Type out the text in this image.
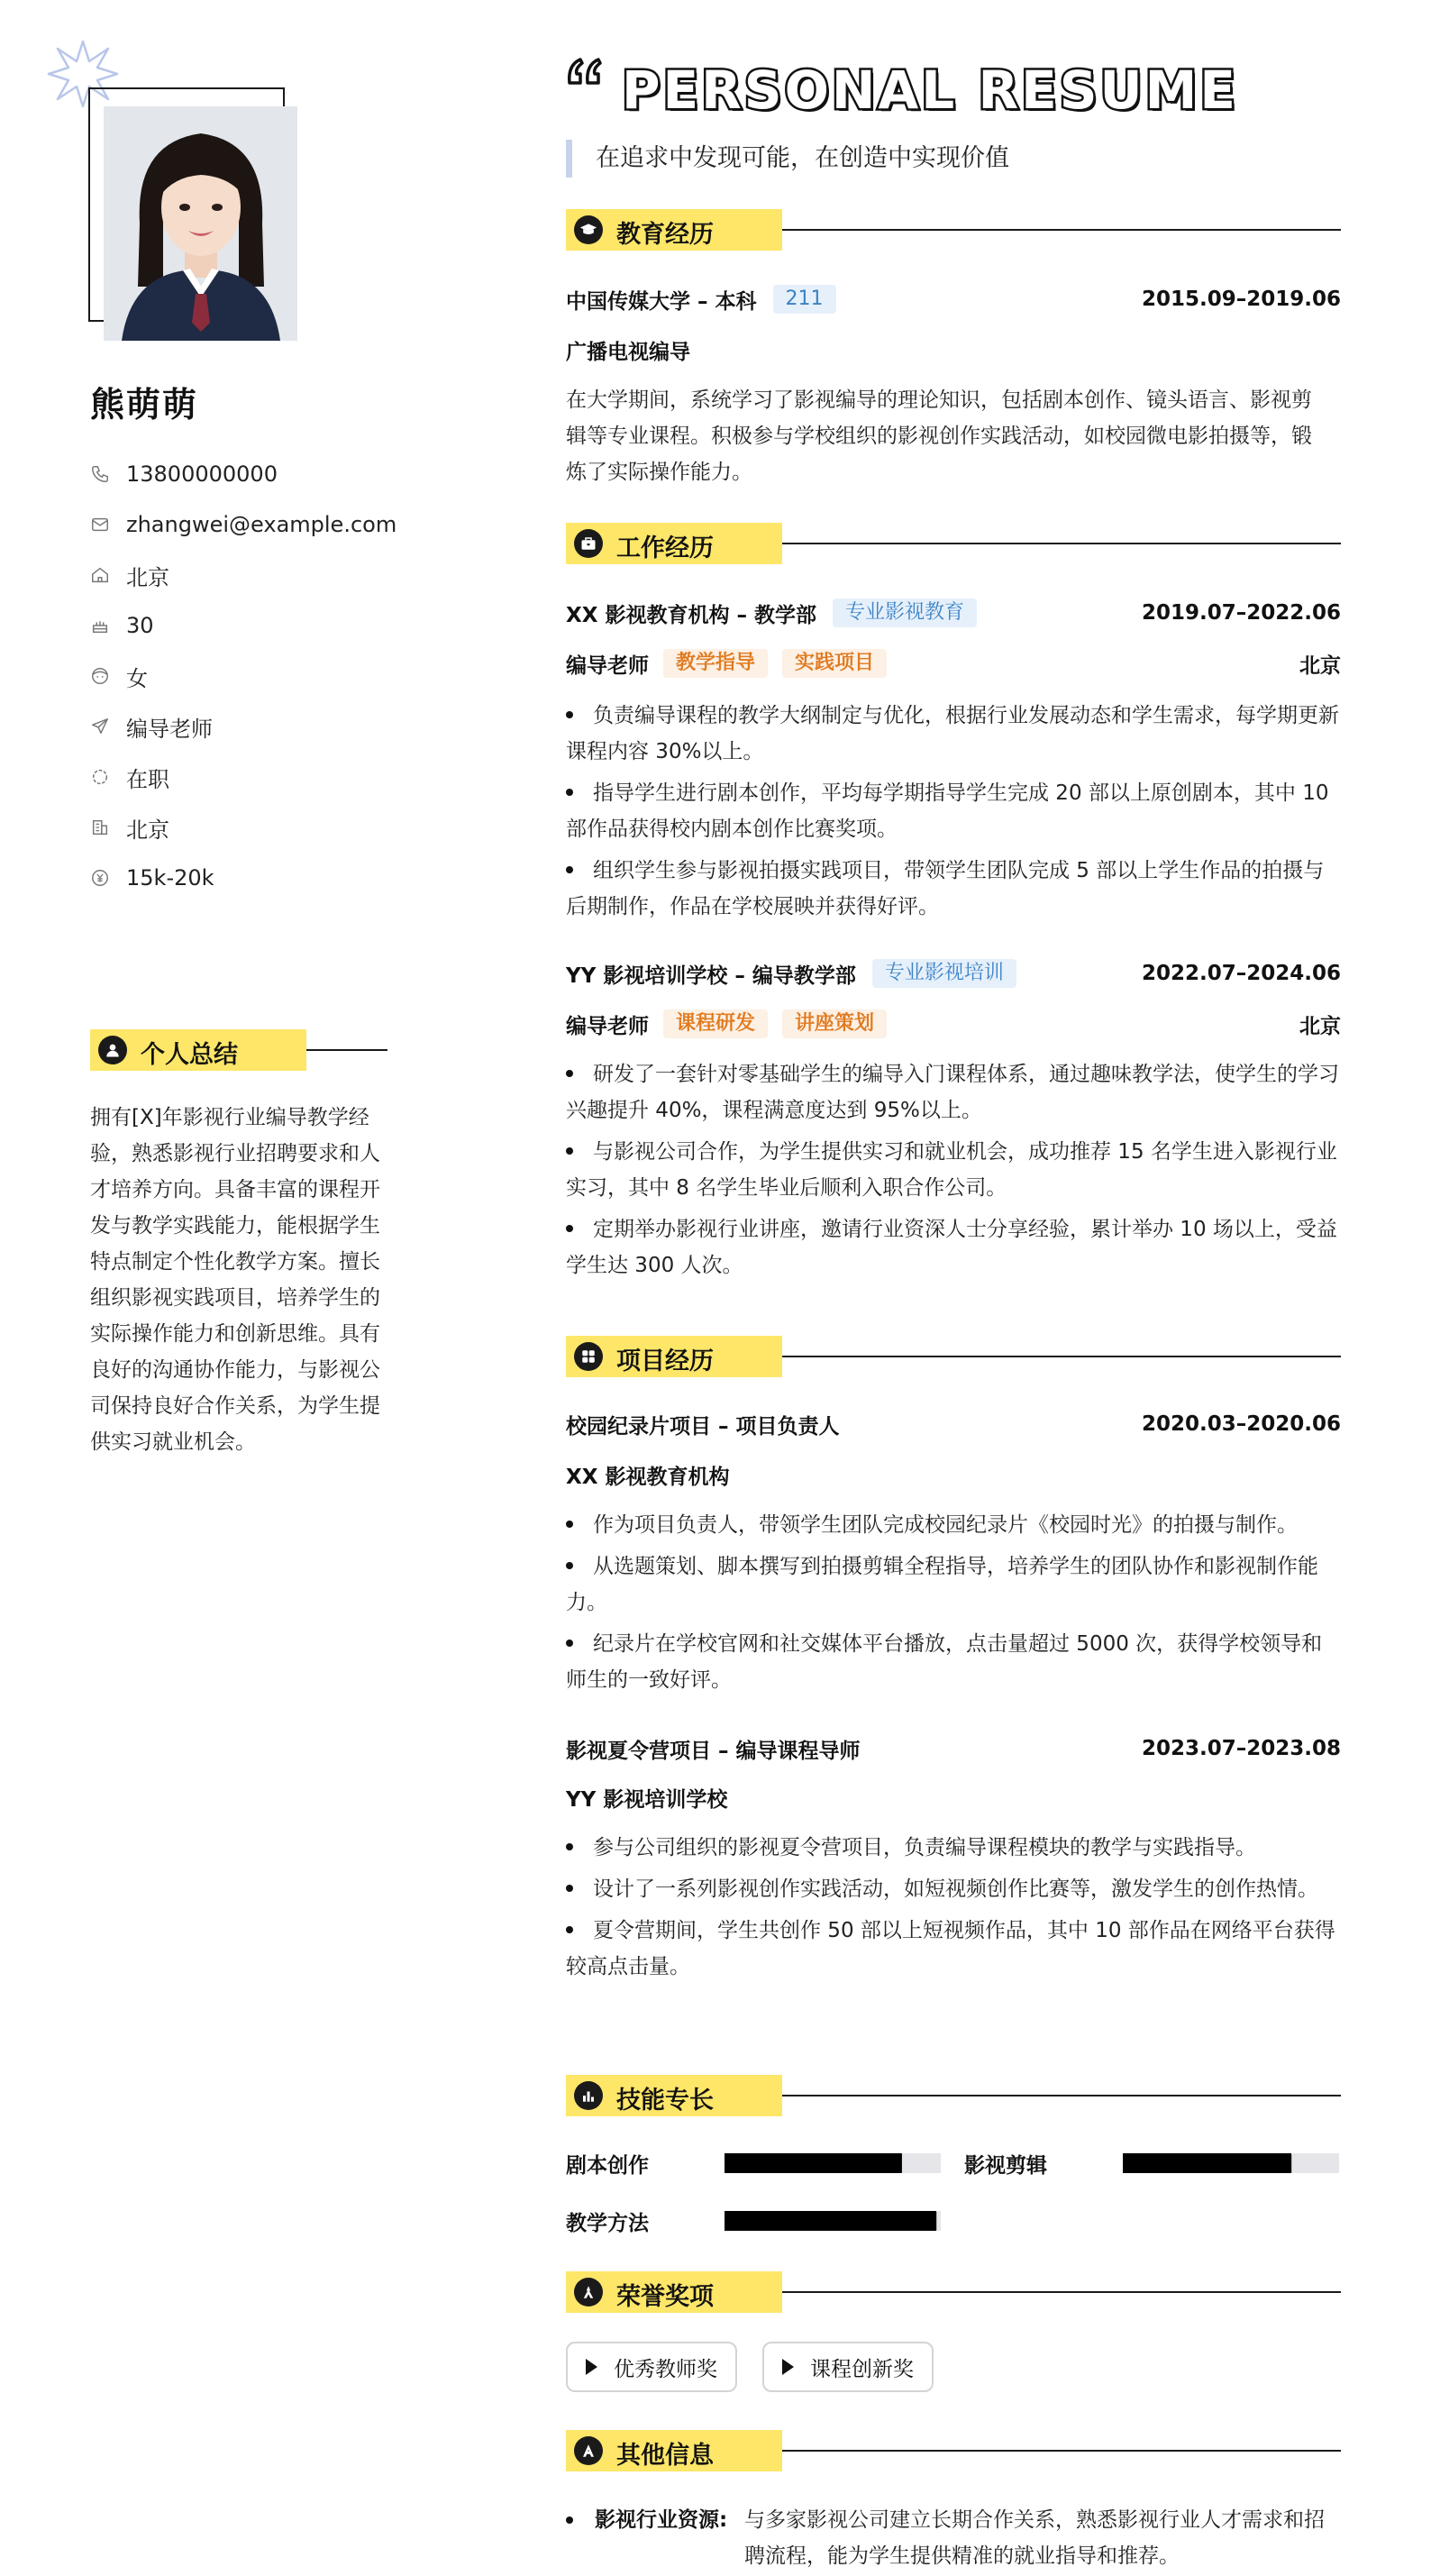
熊萌萌
13800000000
zhangwei@example.com
北京
30
女
编导老师
在职
北京
15k-20k
个人总结
拥有[X]年影视行业编导教学经验，熟悉影视行业招聘要求和人才培养方向。具备丰富的课程开发与教学实践能力，能根据学生特点制定个性化教学方案。擅长组织影视实践项目，培养学生的实际操作能力和创新思维。具有良好的沟通协作能力，与影视公司保持良好合作关系，为学生提供实习就业机会。
PERSONAL RESUME
在追求中发现可能，在创造中实现价值
教育经历
中国传媒大学 – 本科	211	2015.09–2019.06
广播电视编导
在大学期间，系统学习了影视编导的理论知识，包括剧本创作、镜头语言、影视剪辑等专业课程。积极参与学校组织的影视创作实践活动，如校园微电影拍摄等，锻炼了实际操作能力。
工作经历
XX 影视教育机构 – 教学部	专业影视教育	2019.07–2022.06
编导老师	教学指导	实践项目	北京
负责编导课程的教学大纲制定与优化，根据行业发展动态和学生需求，每学期更新课程内容 30%以上。
指导学生进行剧本创作，平均每学期指导学生完成 20 部以上原创剧本，其中 10 部作品获得校内剧本创作比赛奖项。
组织学生参与影视拍摄实践项目，带领学生团队完成 5 部以上学生作品的拍摄与后期制作，作品在学校展映并获得好评。
YY 影视培训学校 – 编导教学部	专业影视培训	2022.07–2024.06
编导老师	课程研发	讲座策划	北京
研发了一套针对零基础学生的编导入门课程体系，通过趣味教学法，使学生的学习兴趣提升 40%，课程满意度达到 95%以上。
与影视公司合作，为学生提供实习和就业机会，成功推荐 15 名学生进入影视行业实习，其中 8 名学生毕业后顺利入职合作公司。
定期举办影视行业讲座，邀请行业资深人士分享经验，累计举办 10 场以上，受益学生达 300 人次。
项目经历
校园纪录片项目 – 项目负责人	2020.03–2020.06
XX 影视教育机构
作为项目负责人，带领学生团队完成校园纪录片《校园时光》的拍摄与制作。
从选题策划、脚本撰写到拍摄剪辑全程指导，培养学生的团队协作和影视制作能力。
纪录片在学校官网和社交媒体平台播放，点击量超过 5000 次，获得学校领导和师生的一致好评。
影视夏令营项目 – 编导课程导师	2023.07–2023.08
YY 影视培训学校
参与公司组织的影视夏令营项目，负责编导课程模块的教学与实践指导。
设计了一系列影视创作实践活动，如短视频创作比赛等，激发学生的创作热情。
夏令营期间，学生共创作 50 部以上短视频作品，其中 10 部作品在网络平台获得较高点击量。
技能专长
剧本创作	影视剪辑
教学方法
荣誉奖项
优秀教师奖	课程创新奖
其他信息
影视行业资源: 与多家影视公司建立长期合作关系，熟悉影视行业人才需求和招聘流程，能为学生提供精准的就业指导和推荐。
